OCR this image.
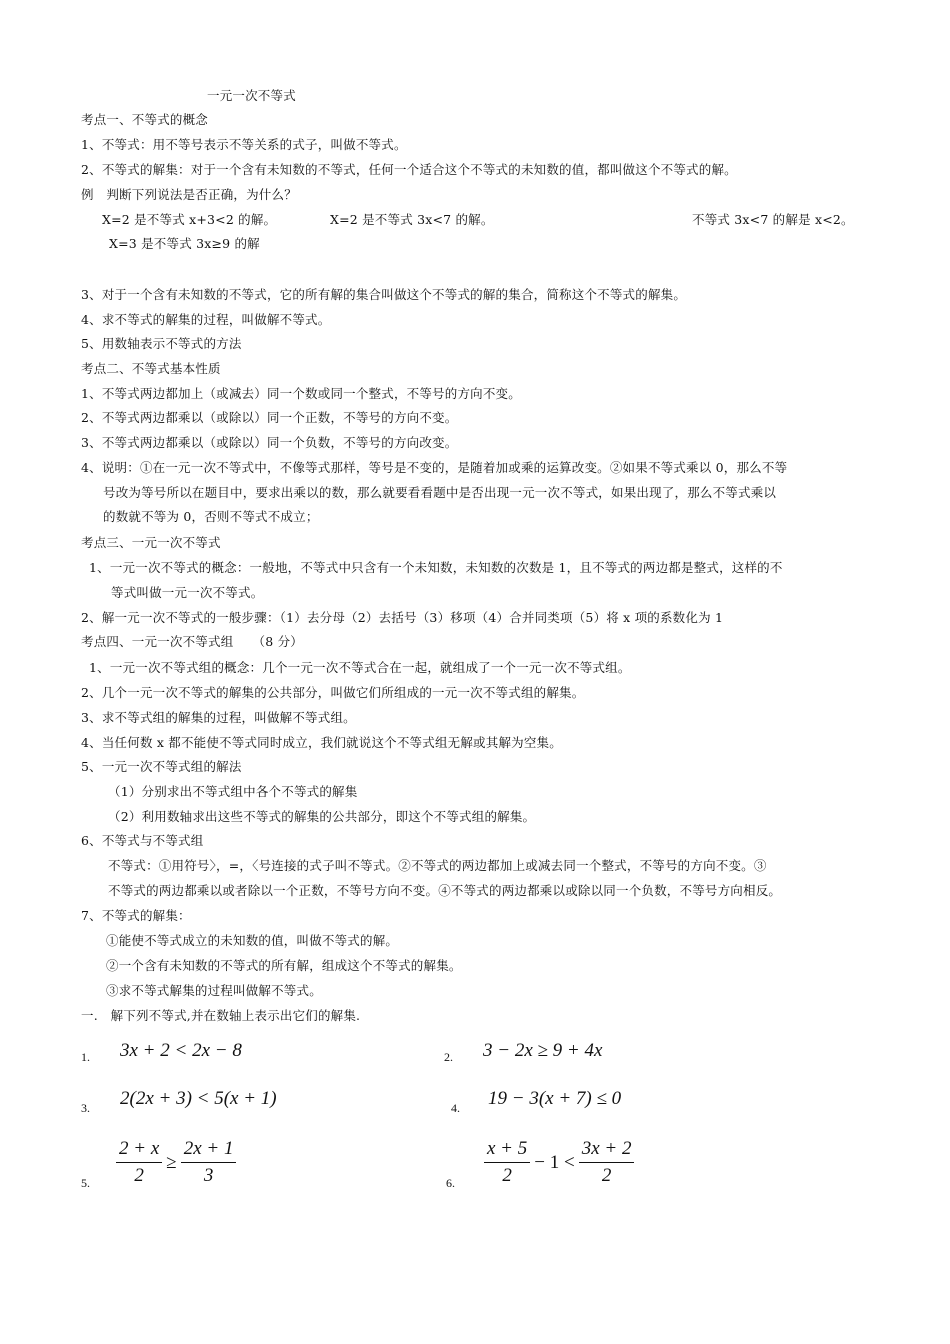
一元一次不等式
考点一、不等式的概念
1、不等式：用不等号表示不等关系的式子，叫做不等式。
2、不等式的解集：对于一个含有未知数的不等式，任何一个适合这个不等式的未知数的值，都叫做这个不等式的解。
例　判断下列说法是否正确，为什么？
X=2 是不等式 x+3<2 的解。	X=2 是不等式 3x<7 的解。	不等式 3x<7 的解是 x<2。
X=3 是不等式 3x≥9 的解
3、对于一个含有未知数的不等式，它的所有解的集合叫做这个不等式的解的集合，简称这个不等式的解集。
4、求不等式的解集的过程，叫做解不等式。
5、用数轴表示不等式的方法
考点二、不等式基本性质
1、不等式两边都加上（或减去）同一个数或同一个整式，不等号的方向不变。
2、不等式两边都乘以（或除以）同一个正数，不等号的方向不变。
3、不等式两边都乘以（或除以）同一个负数，不等号的方向改变。
4、说明：①在一元一次不等式中，不像等式那样，等号是不变的，是随着加或乘的运算改变。②如果不等式乘以 0，那么不等
号改为等号所以在题目中，要求出乘以的数，那么就要看看题中是否出现一元一次不等式，如果出现了，那么不等式乘以
的数就不等为 0，否则不等式不成立；
考点三、一元一次不等式
1、一元一次不等式的概念：一般地，不等式中只含有一个未知数，未知数的次数是 1，且不等式的两边都是整式，这样的不
等式叫做一元一次不等式。
2、解一元一次不等式的一般步骤：（1）去分母（2）去括号（3）移项（4）合并同类项（5）将 x 项的系数化为 1
考点四、一元一次不等式组　　（8 分）
1、一元一次不等式组的概念：几个一元一次不等式合在一起，就组成了一个一元一次不等式组。
2、几个一元一次不等式的解集的公共部分，叫做它们所组成的一元一次不等式组的解集。
3、求不等式组的解集的过程，叫做解不等式组。
4、当任何数 x 都不能使不等式同时成立，我们就说这个不等式组无解或其解为空集。
5、一元一次不等式组的解法
（1）分别求出不等式组中各个不等式的解集
（2）利用数轴求出这些不等式的解集的公共部分，即这个不等式组的解集。
6、不等式与不等式组
不等式：①用符号〉，=，〈号连接的式子叫不等式。②不等式的两边都加上或减去同一个整式，不等号的方向不变。③
不等式的两边都乘以或者除以一个正数，不等号方向不变。④不等式的两边都乘以或除以同一个负数，不等号方向相反。
7、不等式的解集：
①能使不等式成立的未知数的值，叫做不等式的解。
②一个含有未知数的不等式的所有解，组成这个不等式的解集。
③求不等式解集的过程叫做解不等式。
一.　解下列不等式,并在数轴上表示出它们的解集.
1. 3x + 2 < 2x − 8	2. 3 − 2x ≥ 9 + 4x
3. 2(2x + 3) < 5(x + 1)	4. 19 − 3(x + 7) ≤ 0
5. $\frac{2 + x}{2} \ge \frac{2x + 1}{3}$	6. $\frac{x + 5}{2} - 1 < \frac{3x + 2}{2}$
